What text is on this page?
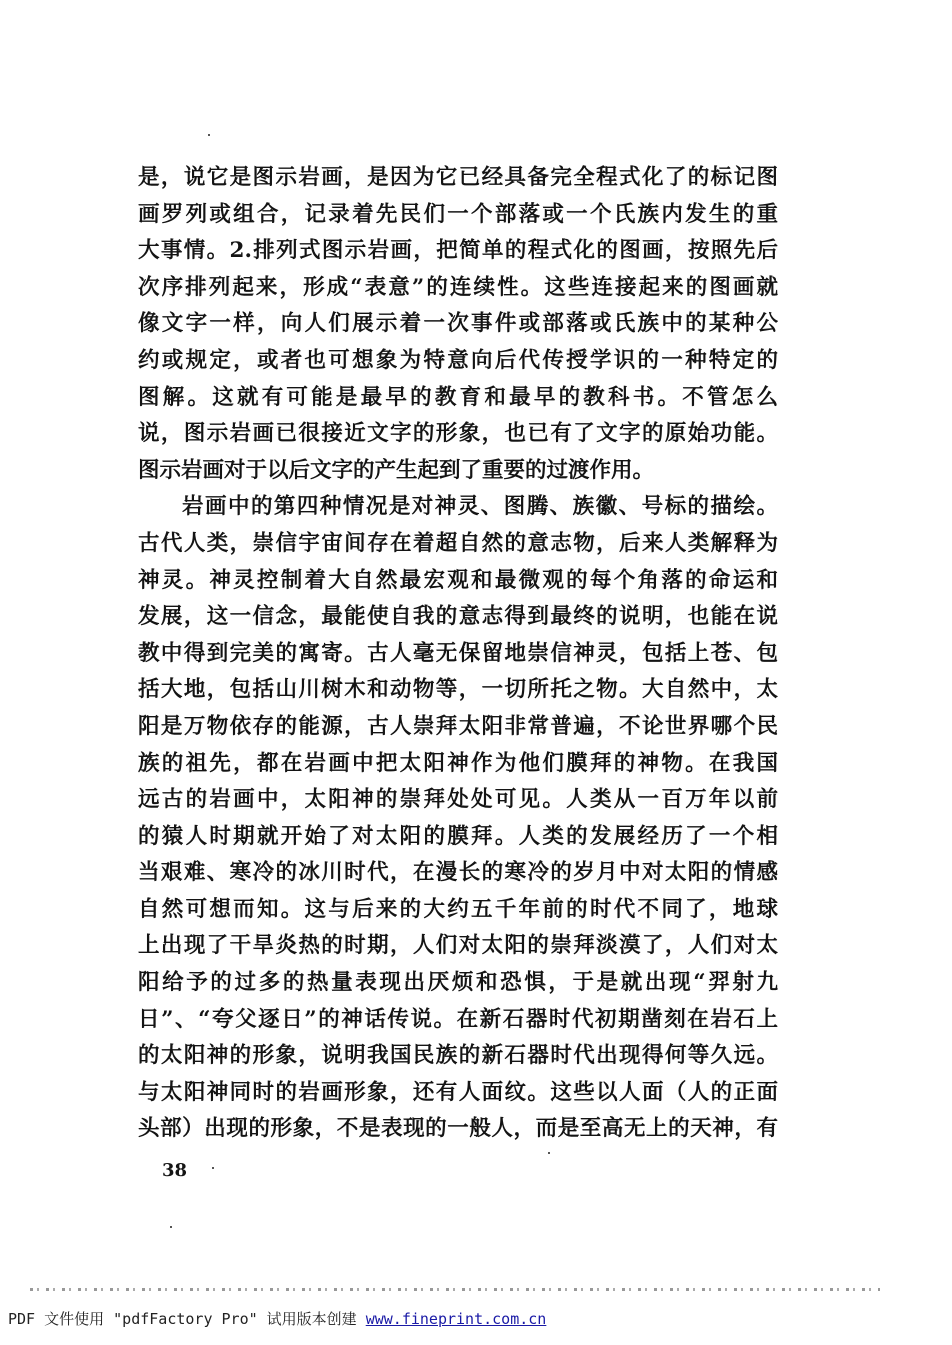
是，说它是图示岩画，是因为它已经具备完全程式化了的标记图
画罗列或组合，记录着先民们一个部落或一个氏族内发生的重
大事情。2.排列式图示岩画，把简单的程式化的图画，按照先后
次序排列起来，形成“表意”的连续性。这些连接起来的图画就
像文字一样，向人们展示着一次事件或部落或氏族中的某种公
约或规定，或者也可想象为特意向后代传授学识的一种特定的
图解。这就有可能是最早的教育和最早的教科书。不管怎么
说，图示岩画已很接近文字的形象，也已有了文字的原始功能。
图示岩画对于以后文字的产生起到了重要的过渡作用。
岩画中的第四种情况是对神灵、图腾、族徽、号标的描绘。
古代人类，崇信宇宙间存在着超自然的意志物，后来人类解释为
神灵。神灵控制着大自然最宏观和最微观的每个角落的命运和
发展，这一信念，最能使自我的意志得到最终的说明，也能在说
教中得到完美的寓寄。古人毫无保留地崇信神灵，包括上苍、包
括大地，包括山川树木和动物等，一切所托之物。大自然中，太
阳是万物依存的能源，古人崇拜太阳非常普遍，不论世界哪个民
族的祖先，都在岩画中把太阳神作为他们膜拜的神物。在我国
远古的岩画中，太阳神的崇拜处处可见。人类从一百万年以前
的猿人时期就开始了对太阳的膜拜。人类的发展经历了一个相
当艰难、寒冷的冰川时代，在漫长的寒冷的岁月中对太阳的情感
自然可想而知。这与后来的大约五千年前的时代不同了，地球
上出现了干旱炎热的时期，人们对太阳的崇拜淡漠了，人们对太
阳给予的过多的热量表现出厌烦和恐惧，于是就出现“羿射九
日”、“夸父逐日”的神话传说。在新石器时代初期凿刻在岩石上
的太阳神的形象，说明我国民族的新石器时代出现得何等久远。
与太阳神同时的岩画形象，还有人面纹。这些以人面（人的正面
头部）出现的形象，不是表现的一般人，而是至高无上的天神，有
38
PDF 文件使用 "pdfFactory Pro" 试用版本创建 www.fineprint.com.cn
